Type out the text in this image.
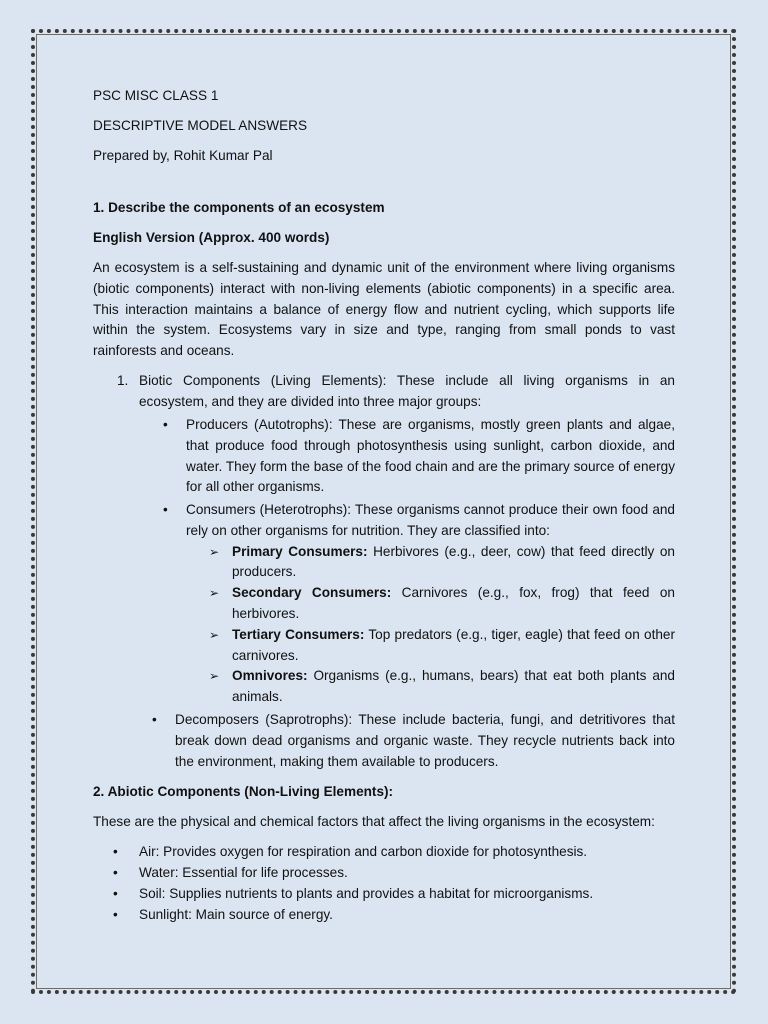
PSC MISC CLASS 1

DESCRIPTIVE MODEL ANSWERS

Prepared by, Rohit Kumar Pal

1. Describe the components of an ecosystem

English Version (Approx. 400 words)

An ecosystem is a self-sustaining and dynamic unit of the environment where living organisms (biotic components) interact with non-living elements (abiotic components) in a specific area. This interaction maintains a balance of energy flow and nutrient cycling, which supports life within the system. Ecosystems vary in size and type, ranging from small ponds to vast rainforests and oceans.

1. Biotic Components (Living Elements): These include all living organisms in an ecosystem, and they are divided into three major groups:
•	Producers (Autotrophs): These are organisms, mostly green plants and algae, that produce food through photosynthesis using sunlight, carbon dioxide, and water. They form the base of the food chain and are the primary source of energy for all other organisms.
•	Consumers (Heterotrophs): These organisms cannot produce their own food and rely on other organisms for nutrition. They are classified into:
➢ Primary Consumers: Herbivores (e.g., deer, cow) that feed directly on producers.
➢ Secondary Consumers: Carnivores (e.g., fox, frog) that feed on herbivores.
➢ Tertiary Consumers: Top predators (e.g., tiger, eagle) that feed on other carnivores.
➢ Omnivores: Organisms (e.g., humans, bears) that eat both plants and animals.
•	Decomposers (Saprotrophs): These include bacteria, fungi, and detritivores that break down dead organisms and organic waste. They recycle nutrients back into the environment, making them available to producers.

2. Abiotic Components (Non-Living Elements):

These are the physical and chemical factors that affect the living organisms in the ecosystem:

•	Air: Provides oxygen for respiration and carbon dioxide for photosynthesis.
•	Water: Essential for life processes.
•	Soil: Supplies nutrients to plants and provides a habitat for microorganisms.
•	Sunlight: Main source of energy.
